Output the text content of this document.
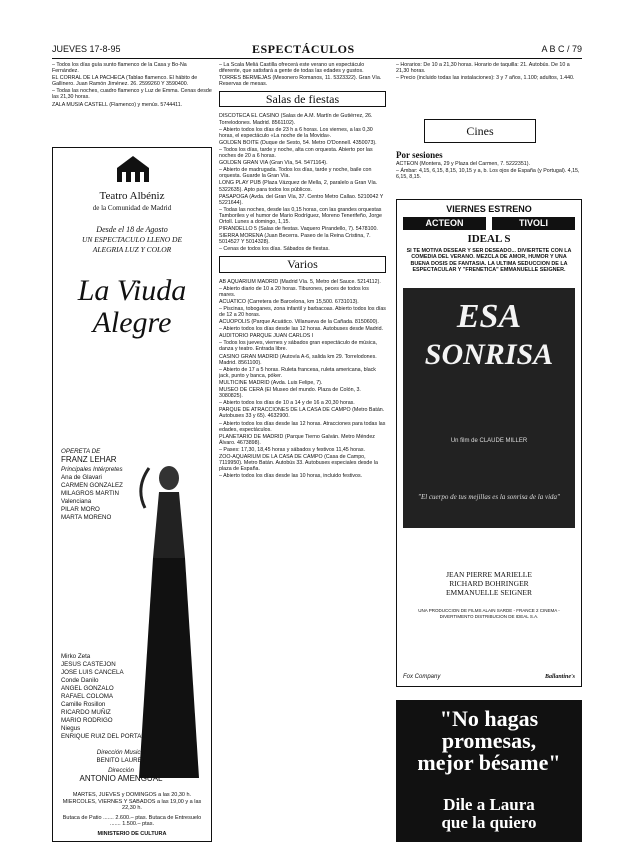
JUEVES 17-8-95	ESPECTÁCULOS	A B C / 79

– Todos los días guía sunto flamenco de la Casa y Bo-Ña Fernández.

EL CORRAL DE LA PACHECA (Tablao flamenco. El hábito de Gallinero. Juan Ramón Jiménez. 26. 2599260 Y 3590400.

– Todas las noches, cuadro flamenco y Luz de Emma. Cenas desde las 21,30 horas.

ZALA MUSIA CASTELL (Flamenco) y menús. 5744411.

Teatro Albéniz
de la Comunidad de Madrid
Desde el 18 de Agosto
UN ESPECTACULO LLENO DE
ALEGRIA LUZ Y COLOR
La Viuda
Alegre
OPERETA DE
FRANZ LEHAR
Principales Intérpretes
Ana de Glavari
CARMEN GONZALEZ
MILAGROS MARTIN
Valenciana
PILAR MORO
MARTA MORENO
Mirko Zeta
JESUS CASTEJON
JOSE LUIS CANCELA
Conde Danilo
ANGEL GONZALO
RAFAEL COLOMA
Camille Rosillon
RICARDO MUÑIZ
MARIO RODRIGO
Niegus
ENRIQUE RUIZ DEL PORTAL
Dirección Musical
BENITO LAURET
Dirección
ANTONIO AMENGUAL
MARTES, JUEVES y DOMINGOS a las 20,30 h. MIERCOLES, VIERNES Y SABADOS a las 19,00 y a las 22,30 h.
Butaca de Patio ....... 2.600.– ptas. Butaca de Entresuelo ....... 1.500.– ptas.
MINISTERIO DE CULTURA

– La Scala Meliá Castilla ofrecerá este verano un espectáculo diferente, que satisfará a gente de todas las edades y gustos.

TORRES BERMEJAS (Mesonero Romanos, 11. 5323322). Gran Vía. Reservas de mesas.

Salas de fiestas

DISCOTECA EL CASINO (Salas de A.M. Martín de Gutiérrez, 26. Torrelodones. Madrid. 8561102).

– Abierto todos los días de 23 h a 6 horas. Los viernes, a las 0,30 horas, el espectáculo «La noche de la Movida».

GOLDEN BOITE (Duque de Sesto, 54. Metro O'Donnell. 4350073).

– Todos los días, tarde y noche, alta con orquesta. Abierto por las noches de 20 a 6 horas.

GOLDEN GRAN VIA (Gran Vía, 54. 5471164).

– Abierto de madrugada. Todos los días, tarde y noche, baile con orquesta. Guarde la Gran Vía.

LONG PLAY PUB (Plaza Vázquez de Mella, 2, paralelo a Gran Vía. 5322635). Apto para todos los públicos.

PASAPOGA (Avda. del Gran Vía, 37. Centro Metro Callao. 5210042 Y 5221644).

– Todas las noches, desde las 0,15 horas, con las grandes orquestas Tamboriles y el humor de Mario Rodríguez, Moreno Tenerifeño, Jorge Ortoll. Lunes a domingo, 1,15.

PIRANDELLO 5 (Salas de fiestas. Vaquero Pirandello, 7). 5478100.

SIERRA MORENA (Juan Becerra. Paseo de la Reina Cristina, 7. 5014527 Y 5014328).

– Cenas de todos los días. Sábados de fiestas.

Varios

AB AQUARIUM MADRID (Madrid Vía. 5, Metro del Sauce. 5214112).

– Abierto diario de 10 a 20 horas. Tiburones, peces de todos los mares.

ACUATICO (Carretera de Barcelona, km 15,500. 6731013).

– Piscinas, toboganes, zona infantil y barbacoas. Abierto todos los días de 12 a 20 horas.

ACUOPOLIS (Parque Acuático. Villanueva de la Cañada. 8150600).

– Abierto todos los días desde las 12 horas. Autobuses desde Madrid.

AUDITORIO PARQUE JUAN CARLOS I

– Todos los jueves, viernes y sábados gran espectáculo de música, danza y teatro. Entrada libre.

CASINO GRAN MADRID (Autovía A-6, salida km 29. Torrelodones. Madrid. 8561100).

– Abierto de 17 a 5 horas. Ruleta francesa, ruleta americana, black jack, punto y banca, póker.

MULTICINE MADRID (Avda. Luis Felipe, 7).

MUSEO DE CERA (El Museo del mundo. Plaza de Colón, 3. 3080825).

– Abierto todos los días de 10 a 14 y de 16 a 20,30 horas.

PARQUE DE ATRACCIONES DE LA CASA DE CAMPO (Metro Batán. Autobuses 33 y 65). 4632900.

– Abierto todos los días desde las 12 horas. Atracciones para todas las edades, espectáculos.

PLANETARIO DE MADRID (Parque Tierno Galván. Metro Méndez Álvaro. 4673898).

– Pases: 17,30, 18,45 horas y sábados y festivos 11,45 horas.

ZOO-AQUARIUM DE LA CASA DE CAMPO (Casa de Campo, 7119950). Metro Batán. Autobús 33. Autobuses especiales desde la plaza de España.

– Abierto todos los días desde las 10 horas, incluido festivos.

– Horarios: De 10 a 21,30 horas. Horario de taquilla: 21. Autobús. De 10 a 21,30 horas.

– Precio (incluido todas las instalaciones): 3 y 7 años, 1.100; adultos, 1.440.

Cines
Por sesiones

ACTEON (Montera, 29 y Plaza del Carmen, 7. 5222351).

– Ámbar: 4,15, 6,15, 8,15, 10,15 y a, b. Los ojos de España (y Portugal). 4,15, 6,15, 8,15.

VIERNES ESTRENO
ACTEON	TIVOLI
IDEAL S
SI TE MOTIVA DESEAR Y SER DESEADO... DIVIERTETE CON LA COMEDIA DEL VERANO. MEZCLA DE AMOR, HUMOR Y UNA BUENA DOSIS DE FANTASIA. LA ULTIMA SEDUCCION DE LA ESPECTACULAR Y "FRENETICA" EMMANUELLE SEIGNER.
ESA
SONRISA
Un film de CLAUDE MILLER
"El cuerpo de tus mejillas es la sonrisa de la vida"
JEAN PIERRE MARIELLE
RICHARD BOHRINGER
EMMANUELLE SEIGNER
UNA PRODUCCION DE FILMS ALAIN SARDE - FRANCE 2 CINEMA - DIVERTIMENTO DISTRIBUCION DE IDEAL S.A.
Fox Company	Ballantine's
"No hagas
promesas,
mejor bésame"
Dile a Laura
que la quiero
